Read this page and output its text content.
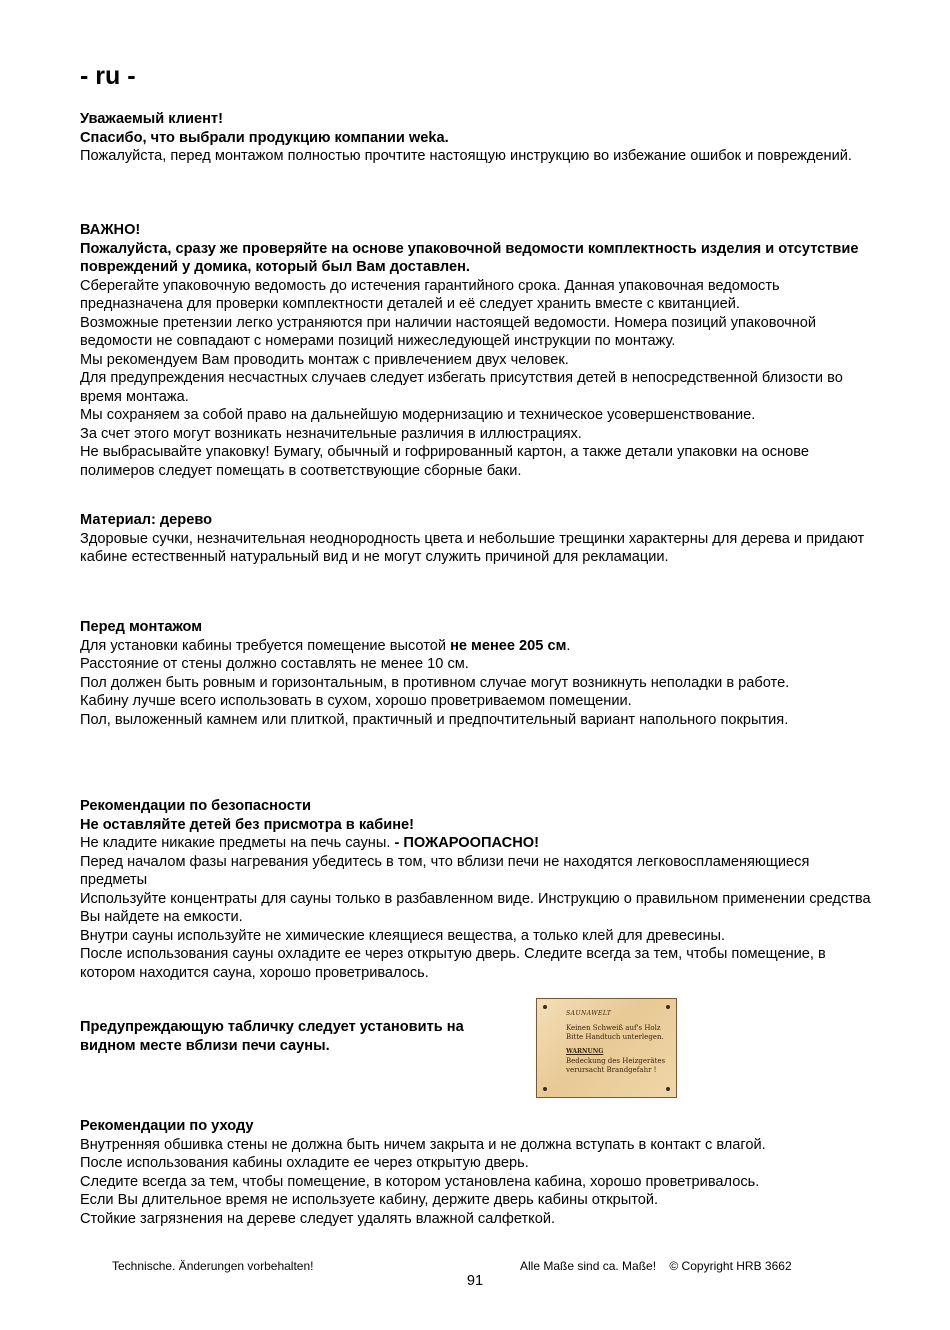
- ru -

Уважаемый клиент!

Спасибо, что выбрали продукцию компании weka.

Пожалуйста, перед монтажом полностью прочтите настоящую инструкцию во избежание ошибок и повреждений.

ВАЖНО!

Пожалуйста, сразу же проверяйте на основе упаковочной ведомости комплектность изделия и отсутствие повреждений у домика, который был Вам доставлен.

Сберегайте упаковочную ведомость до истечения гарантийного срока. Данная упаковочная ведомость предназначена для проверки комплектности деталей и её следует хранить вместе с квитанцией.

Возможные претензии легко устраняются при наличии настоящей ведомости. Номера позиций упаковочной ведомости не совпадают с номерами позиций нижеследующей инструкции по монтажу.

Мы рекомендуем Вам проводить монтаж с привлечением двух человек.

Для предупреждения несчастных случаев следует избегать присутствия детей в непосредственной близости во время монтажа.

Мы сохраняем за собой право на дальнейшую модернизацию и техническое усовершенствование.

За счет этого могут возникать незначительные различия в иллюстрациях.

Не выбрасывайте упаковку! Бумагу, обычный и гофрированный картон, а также детали упаковки на основе полимеров следует помещать в соответствующие сборные баки.

Материал: дерево

Здоровые сучки, незначительная неоднородность цвета и небольшие трещинки характерны для дерева и придают кабине естественный натуральный вид и не могут служить причиной для рекламации.

Перед монтажом

Для установки кабины требуется помещение высотой не менее 205 см.

Расстояние от стены должно составлять не менее 10 см.

Пол должен быть ровным и горизонтальным, в противном случае могут возникнуть неполадки в работе.

Кабину лучше всего использовать в сухом, хорошо проветриваемом помещении.

Пол, выложенный камнем или плиткой, практичный и предпочтительный вариант напольного покрытия.

Рекомендации по безопасности

Не оставляйте детей без присмотра в кабине!

Не кладите никакие предметы на печь сауны. - ПОЖАРООПАСНО!

Перед началом фазы нагревания убедитесь в том, что вблизи печи не находятся легковоспламеняющиеся предметы

Используйте концентраты для сауны только в разбавленном виде. Инструкцию о правильном применении средства Вы найдете на емкости.

Внутри сауны используйте не химические клеящиеся вещества, а только клей для древесины.

После использования сауны охладите ее через открытую дверь. Следите всегда за тем, чтобы помещение, в котором находится сауна, хорошо проветривалось.

Предупреждающую табличку следует установить на видном месте вблизи печи сауны.
SAUNAWELT
Keinen Schweiß auf's Holz Bitte Handtuch unterlegen.
WARNUNG
Bedeckung des Heizgerätes verursacht Brandgefahr !

Рекомендации по уходу

Внутренняя обшивка стены не должна быть ничем закрыта и не должна вступать в контакт с влагой.

После использования кабины охладите ее через открытую дверь.

Следите всегда за тем, чтобы помещение, в котором установлена кабина, хорошо проветривалось.

Если Вы длительное время не используете кабину, держите дверь кабины открытой.

Стойкие загрязнения на дереве следует удалять влажной салфеткой.

Technische. Änderungen vorbehalten!	Alle Maße sind ca. Maße!    © Copyright HRB 3662
91
